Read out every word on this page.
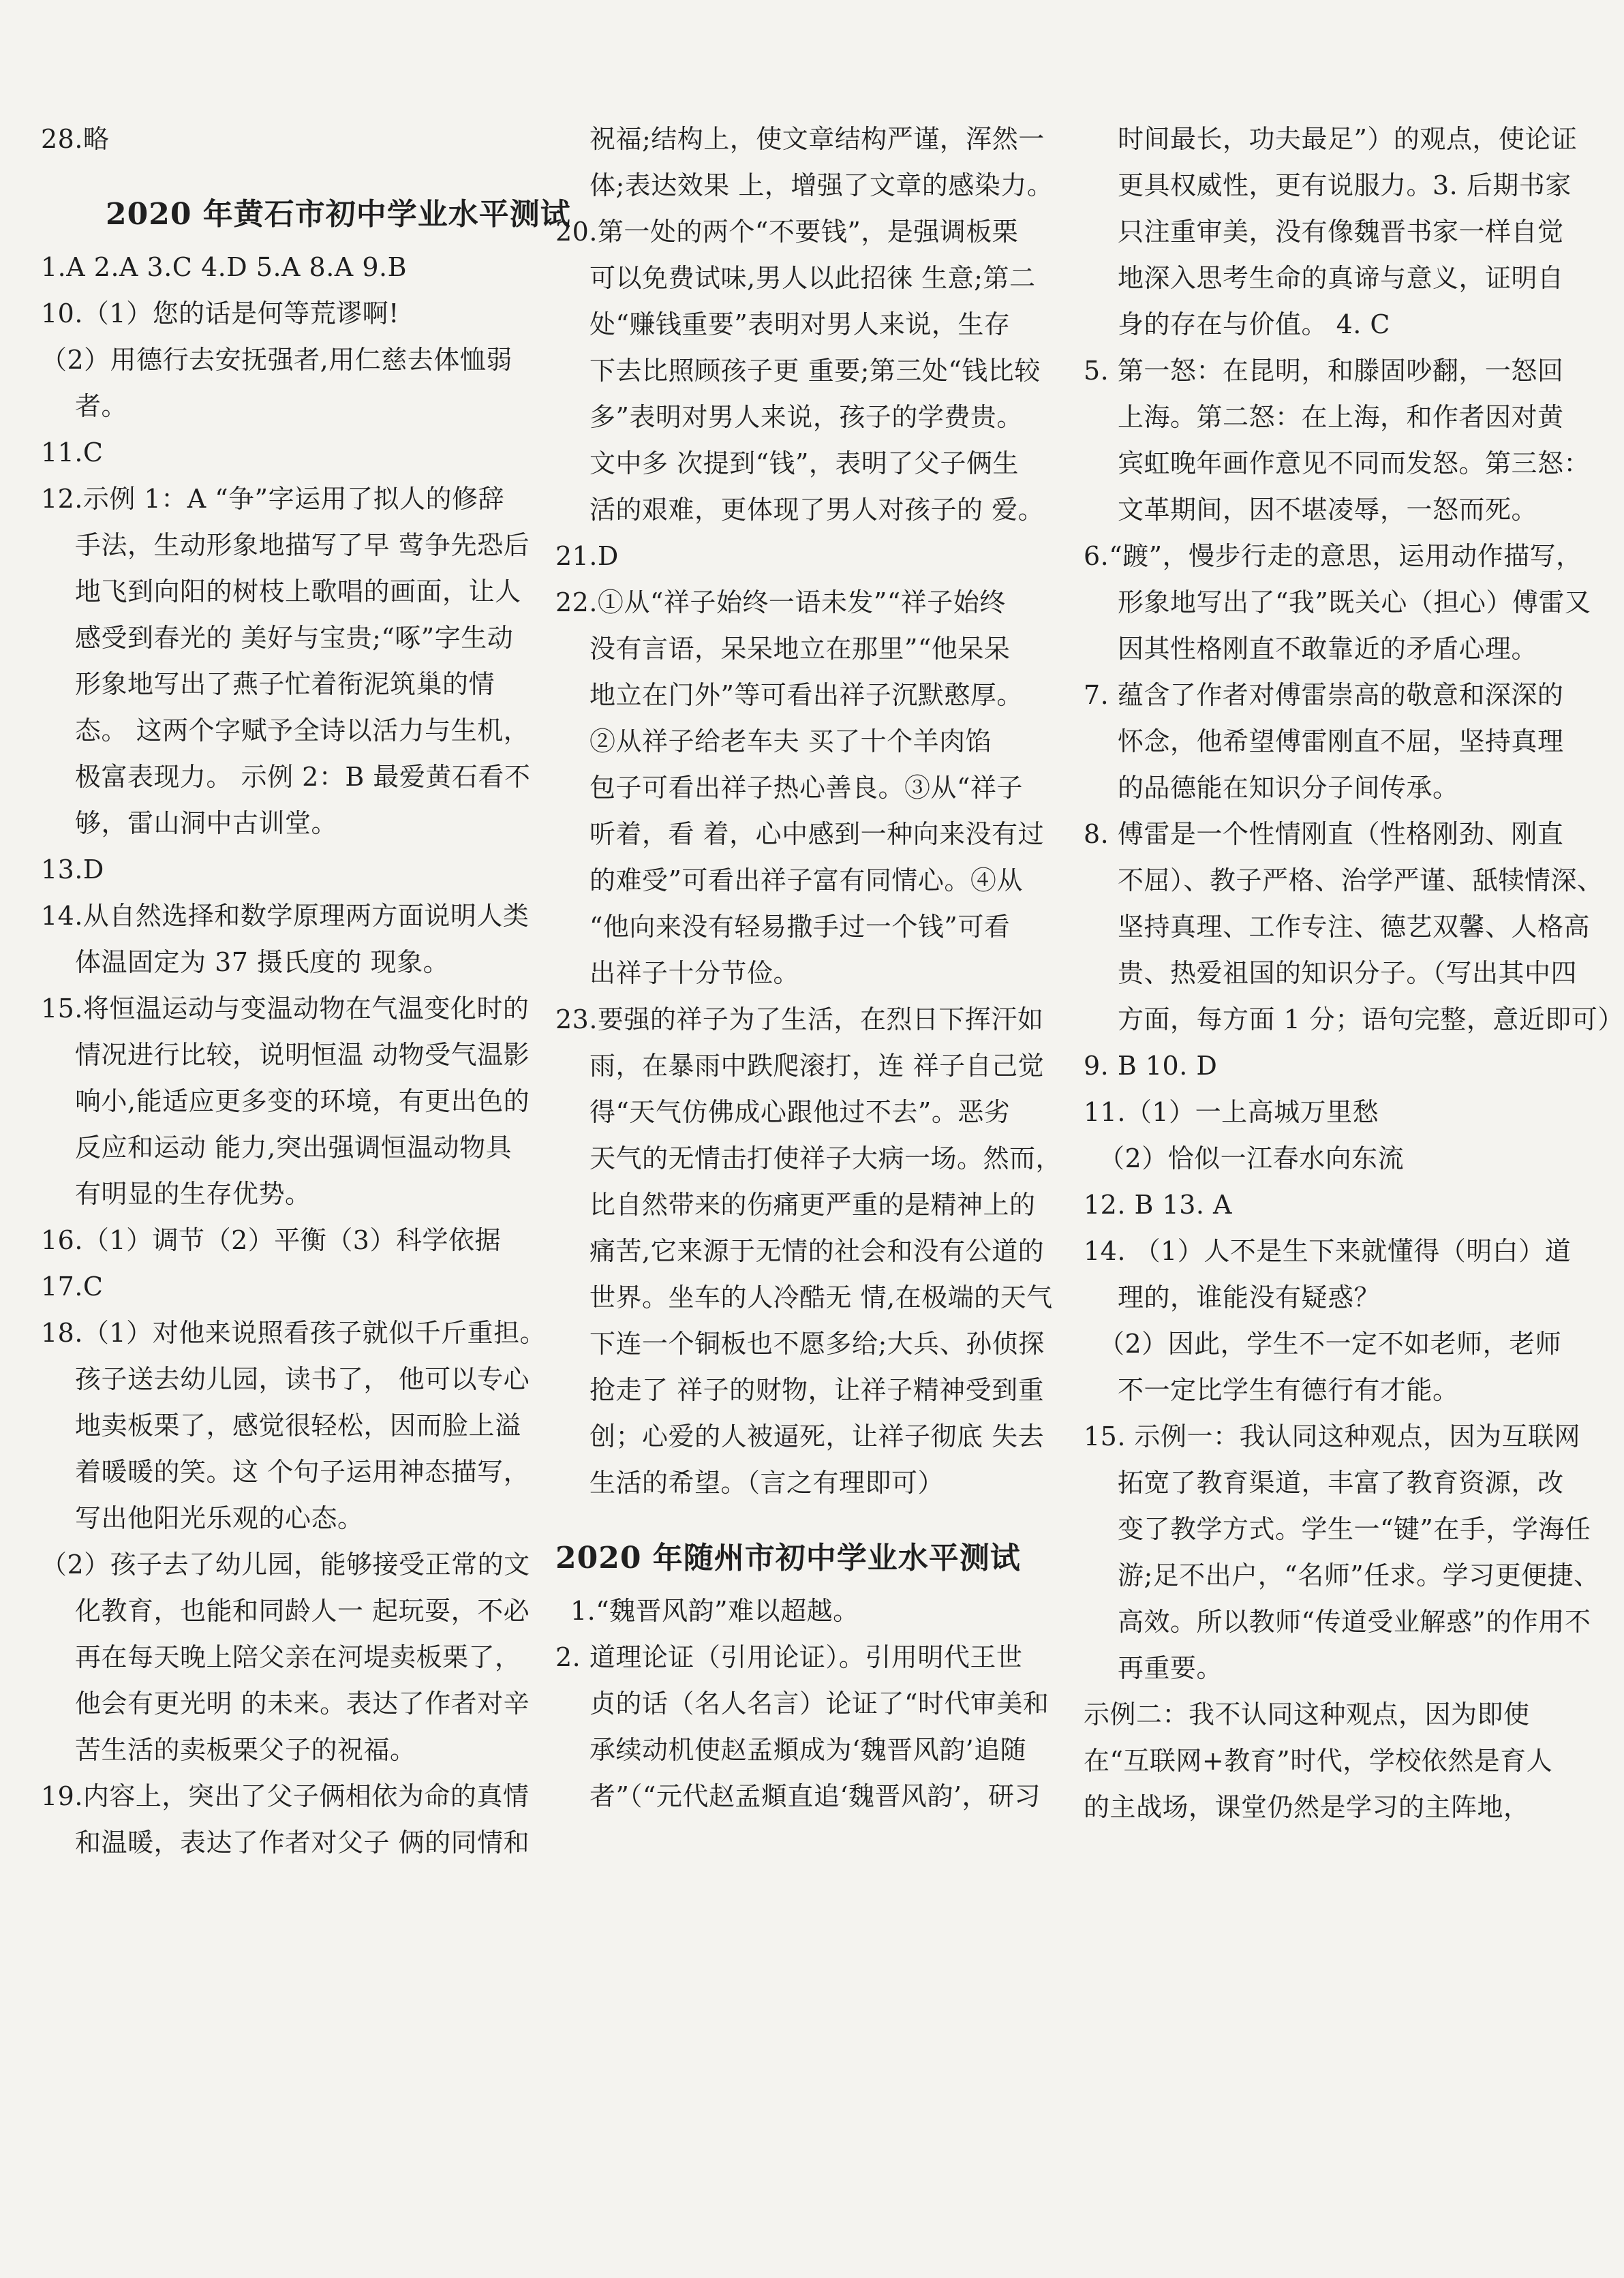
28.略
2020 年黄石市初中学业水平测试
1.A 2.A 3.C 4.D 5.A 8.A 9.B
10.（1）您的话是何等荒谬啊!
（2）用德行去安抚强者,用仁慈去体恤弱
者。
11.C
12.示例 1：A “争”字运用了拟人的修辞
手法，生动形象地描写了早 莺争先恐后
地飞到向阳的树枝上歌唱的画面，让人
感受到春光的 美好与宝贵;“啄”字生动
形象地写出了燕子忙着衔泥筑巢的情
态。 这两个字赋予全诗以活力与生机，
极富表现力。 示例 2：B 最爱黄石看不
够，雷山洞中古训堂。
13.D
14.从自然选择和数学原理两方面说明人类
体温固定为 37 摄氏度的 现象。
15.将恒温运动与变温动物在气温变化时的
情况进行比较，说明恒温 动物受气温影
响小,能适应更多变的环境，有更出色的
反应和运动 能力,突出强调恒温动物具
有明显的生存优势。
16.（1）调节（2）平衡（3）科学依据
17.C
18.（1）对他来说照看孩子就似千斤重担。
孩子送去幼儿园，读书了， 他可以专心
地卖板栗了，感觉很轻松，因而脸上溢
着暖暖的笑。这 个句子运用神态描写，
写出他阳光乐观的心态。
（2）孩子去了幼儿园，能够接受正常的文
化教育，也能和同龄人一 起玩耍，不必
再在每天晚上陪父亲在河堤卖板栗了，
他会有更光明 的未来。表达了作者对辛
苦生活的卖板栗父子的祝福。
19.内容上，突出了父子俩相依为命的真情
和温暖，表达了作者对父子 俩的同情和
祝福;结构上，使文章结构严谨，浑然一
体;表达效果 上，增强了文章的感染力。
20.第一处的两个“不要钱”，是强调板栗
可以免费试味,男人以此招徕 生意;第二
处“赚钱重要”表明对男人来说，生存
下去比照顾孩子更 重要;第三处“钱比较
多”表明对男人来说，孩子的学费贵。
文中多 次提到“钱”，表明了父子俩生
活的艰难，更体现了男人对孩子的 爱。
21.D
22.①从“祥子始终一语未发”“祥子始终
没有言语，呆呆地立在那里”“他呆呆
地立在门外”等可看出祥子沉默憨厚。
②从祥子给老车夫 买了十个羊肉馅
包子可看出祥子热心善良。③从“祥子
听着，看 着，心中感到一种向来没有过
的难受”可看出祥子富有同情心。④从
“他向来没有轻易撒手过一个钱”可看
出祥子十分节俭。
23.要强的祥子为了生活，在烈日下挥汗如
雨，在暴雨中跌爬滚打，连 祥子自己觉
得“天气仿佛成心跟他过不去”。恶劣
天气的无情击打使祥子大病一场。然而，
比自然带来的伤痛更严重的是精神上的
痛苦,它来源于无情的社会和没有公道的
世界。坐车的人冷酷无 情,在极端的天气
下连一个铜板也不愿多给;大兵、孙侦探
抢走了 祥子的财物，让祥子精神受到重
创；心爱的人被逼死，让祥子彻底 失去
生活的希望。（言之有理即可）
2020 年随州市初中学业水平测试
1.“魏晋风韵”难以超越。
2. 道理论证（引用论证）。引用明代王世
贞的话（名人名言）论证了“时代审美和
承续动机使赵孟頫成为‘魏晋风韵’追随
者”（“元代赵孟頫直追‘魏晋风韵’，研习
时间最长，功夫最足”）的观点，使论证
更具权威性，更有说服力。3. 后期书家
只注重审美，没有像魏晋书家一样自觉
地深入思考生命的真谛与意义，证明自
身的存在与价值。 4. C
5. 第一怒：在昆明，和滕固吵翻，一怒回
上海。第二怒：在上海，和作者因对黄
宾虹晚年画作意见不同而发怒。第三怒：
文革期间，因不堪凌辱，一怒而死。
6.“踱”，慢步行走的意思，运用动作描写，
形象地写出了“我”既关心（担心）傅雷又
因其性格刚直不敢靠近的矛盾心理。
7. 蕴含了作者对傅雷崇高的敬意和深深的
怀念，他希望傅雷刚直不屈，坚持真理
的品德能在知识分子间传承。
8. 傅雷是一个性情刚直（性格刚劲、刚直
不屈）、教子严格、治学严谨、舐犊情深、
坚持真理、工作专注、德艺双馨、人格高
贵、热爱祖国的知识分子。（写出其中四
方面，每方面 1 分；语句完整，意近即可）
9. B 10. D
11.（1）一上高城万里愁
（2）恰似一江春水向东流
12. B 13. A
14. （1）人不是生下来就懂得（明白）道
理的，谁能没有疑惑？
（2）因此，学生不一定不如老师，老师
不一定比学生有德行有才能。
15. 示例一：我认同这种观点，因为互联网
拓宽了教育渠道，丰富了教育资源，改
变了教学方式。学生一“键”在手，学海任
游;足不出户，“名师”任求。学习更便捷、
高效。所以教师“传道受业解惑”的作用不
再重要。
示例二：我不认同这种观点，因为即使
在“互联网+教育”时代，学校依然是育人
的主战场，课堂仍然是学习的主阵地，
